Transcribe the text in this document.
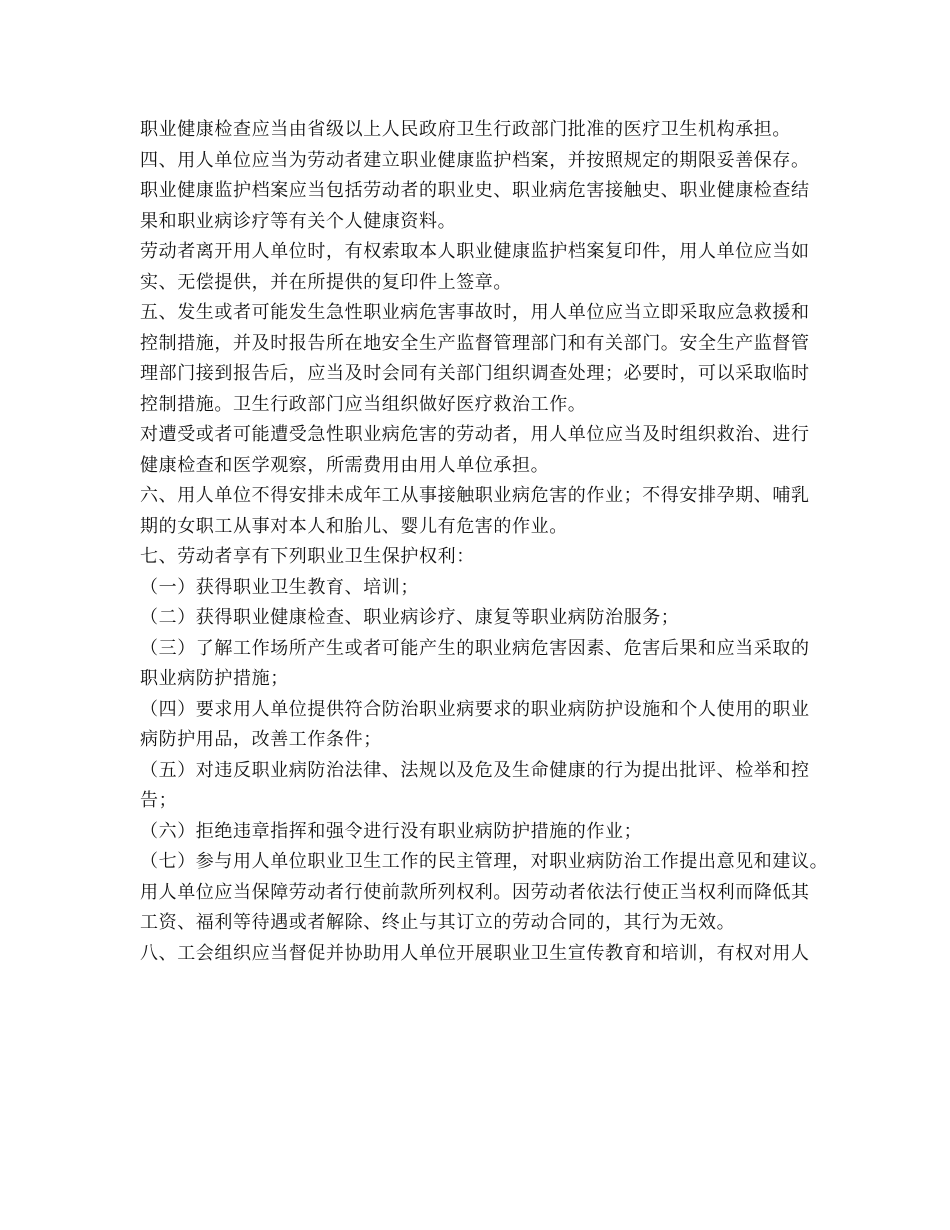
职业健康检查应当由省级以上人民政府卫生行政部门批准的医疗卫生机构承担。
四、用人单位应当为劳动者建立职业健康监护档案，并按照规定的期限妥善保存。
职业健康监护档案应当包括劳动者的职业史、职业病危害接触史、职业健康检查结
果和职业病诊疗等有关个人健康资料。
劳动者离开用人单位时，有权索取本人职业健康监护档案复印件，用人单位应当如
实、无偿提供，并在所提供的复印件上签章。
五、发生或者可能发生急性职业病危害事故时，用人单位应当立即采取应急救援和
控制措施，并及时报告所在地安全生产监督管理部门和有关部门。安全生产监督管
理部门接到报告后，应当及时会同有关部门组织调查处理；必要时，可以采取临时
控制措施。卫生行政部门应当组织做好医疗救治工作。
对遭受或者可能遭受急性职业病危害的劳动者，用人单位应当及时组织救治、进行
健康检查和医学观察，所需费用由用人单位承担。
六、用人单位不得安排未成年工从事接触职业病危害的作业；不得安排孕期、哺乳
期的女职工从事对本人和胎儿、婴儿有危害的作业。
七、劳动者享有下列职业卫生保护权利：
（一）获得职业卫生教育、培训；
（二）获得职业健康检查、职业病诊疗、康复等职业病防治服务；
（三）了解工作场所产生或者可能产生的职业病危害因素、危害后果和应当采取的
职业病防护措施；
（四）要求用人单位提供符合防治职业病要求的职业病防护设施和个人使用的职业
病防护用品，改善工作条件；
（五）对违反职业病防治法律、法规以及危及生命健康的行为提出批评、检举和控
告；
（六）拒绝违章指挥和强令进行没有职业病防护措施的作业；
（七）参与用人单位职业卫生工作的民主管理，对职业病防治工作提出意见和建议。
用人单位应当保障劳动者行使前款所列权利。因劳动者依法行使正当权利而降低其
工资、福利等待遇或者解除、终止与其订立的劳动合同的，其行为无效。
八、工会组织应当督促并协助用人单位开展职业卫生宣传教育和培训，有权对用人
